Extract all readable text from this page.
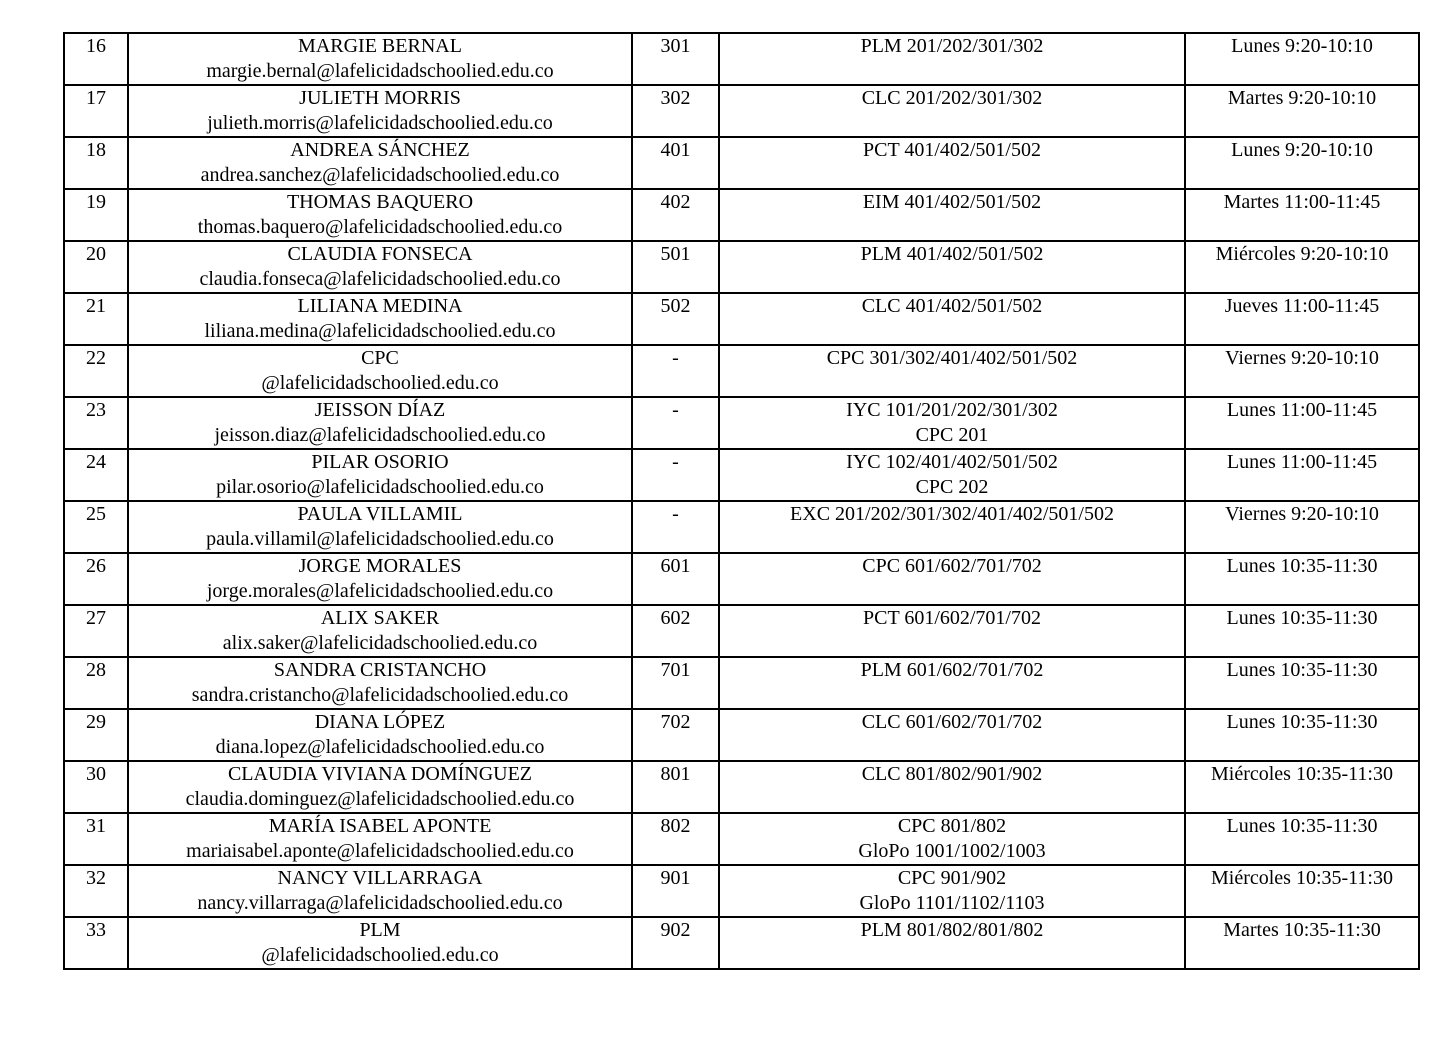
16	MARGIE BERNAL
margie.bernal@lafelicidadschoolied.edu.co	301	PLM 201/202/301/302	Lunes 9:20-10:10
17	JULIETH MORRIS
julieth.morris@lafelicidadschoolied.edu.co	302	CLC 201/202/301/302	Martes 9:20-10:10
18	ANDREA SÁNCHEZ
andrea.sanchez@lafelicidadschoolied.edu.co	401	PCT 401/402/501/502	Lunes 9:20-10:10
19	THOMAS BAQUERO
thomas.baquero@lafelicidadschoolied.edu.co	402	EIM 401/402/501/502	Martes 11:00-11:45
20	CLAUDIA FONSECA
claudia.fonseca@lafelicidadschoolied.edu.co	501	PLM 401/402/501/502	Miércoles 9:20-10:10
21	LILIANA MEDINA
liliana.medina@lafelicidadschoolied.edu.co	502	CLC 401/402/501/502	Jueves 11:00-11:45
22	CPC
@lafelicidadschoolied.edu.co	-	CPC 301/302/401/402/501/502	Viernes 9:20-10:10
23	JEISSON DÍAZ
jeisson.diaz@lafelicidadschoolied.edu.co	-	IYC 101/201/202/301/302
CPC 201	Lunes 11:00-11:45
24	PILAR OSORIO
pilar.osorio@lafelicidadschoolied.edu.co	-	IYC 102/401/402/501/502
CPC 202	Lunes 11:00-11:45
25	PAULA VILLAMIL
paula.villamil@lafelicidadschoolied.edu.co	-	EXC 201/202/301/302/401/402/501/502	Viernes 9:20-10:10
26	JORGE MORALES
jorge.morales@lafelicidadschoolied.edu.co	601	CPC 601/602/701/702	Lunes 10:35-11:30
27	ALIX SAKER
alix.saker@lafelicidadschoolied.edu.co	602	PCT 601/602/701/702	Lunes 10:35-11:30
28	SANDRA CRISTANCHO
sandra.cristancho@lafelicidadschoolied.edu.co	701	PLM 601/602/701/702	Lunes 10:35-11:30
29	DIANA LÓPEZ
diana.lopez@lafelicidadschoolied.edu.co	702	CLC 601/602/701/702	Lunes 10:35-11:30
30	CLAUDIA VIVIANA DOMÍNGUEZ
claudia.dominguez@lafelicidadschoolied.edu.co	801	CLC 801/802/901/902	Miércoles 10:35-11:30
31	MARÍA ISABEL APONTE
mariaisabel.aponte@lafelicidadschoolied.edu.co	802	CPC 801/802
GloPo 1001/1002/1003	Lunes 10:35-11:30
32	NANCY VILLARRAGA
nancy.villarraga@lafelicidadschoolied.edu.co	901	CPC 901/902
GloPo 1101/1102/1103	Miércoles 10:35-11:30
33	PLM
@lafelicidadschoolied.edu.co	902	PLM 801/802/801/802	Martes 10:35-11:30
